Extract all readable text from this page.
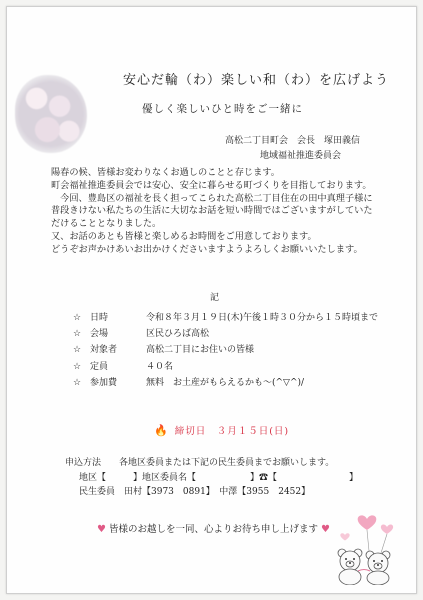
安心だ輪（わ）楽しい和（わ）を広げよう
優しく楽しいひと時をご一緒に
高松二丁目町会　会長　塚田義信
地域福祉推進委員会
陽春の候、皆様お変わりなくお過しのことと存じます。
町会福祉推進委員会では安心、安全に暮らせる町づくりを目指しております。
　今回、豊島区の福祉を長く担ってこられた高松二丁目住在の田中真理子様に
普段きけない私たちの生活に大切なお話を短い時間ではございますがしていた
だけることとなりました。
又、お話のあとも皆様と楽しめるお時間をご用意しております。
どうぞお声かけあいお出かけくださいますようよろしくお願いいたします。
記
☆ 日時	令和８年３月１９日(木)午後１時３０分から１５時頃まで
☆ 会場	区民ひろば高松
☆ 対象者	高松二丁目にお住いの皆様
☆ 定員	４０名
☆ 参加費	無料　お土産がもらえるかも～(^▽^)/
🔥 締切日　３月１５日(日)
申込方法　　各地区委員または下記の民生委員までお願いします。
地区【　　　】地区委員名【　　　　　　】☎【　　　　　　　　】
民生委員　田村【3973　0891】　中澤【3955　2452】
♥ 皆様のお越しを一同、心よりお待ち申し上げます ♥
